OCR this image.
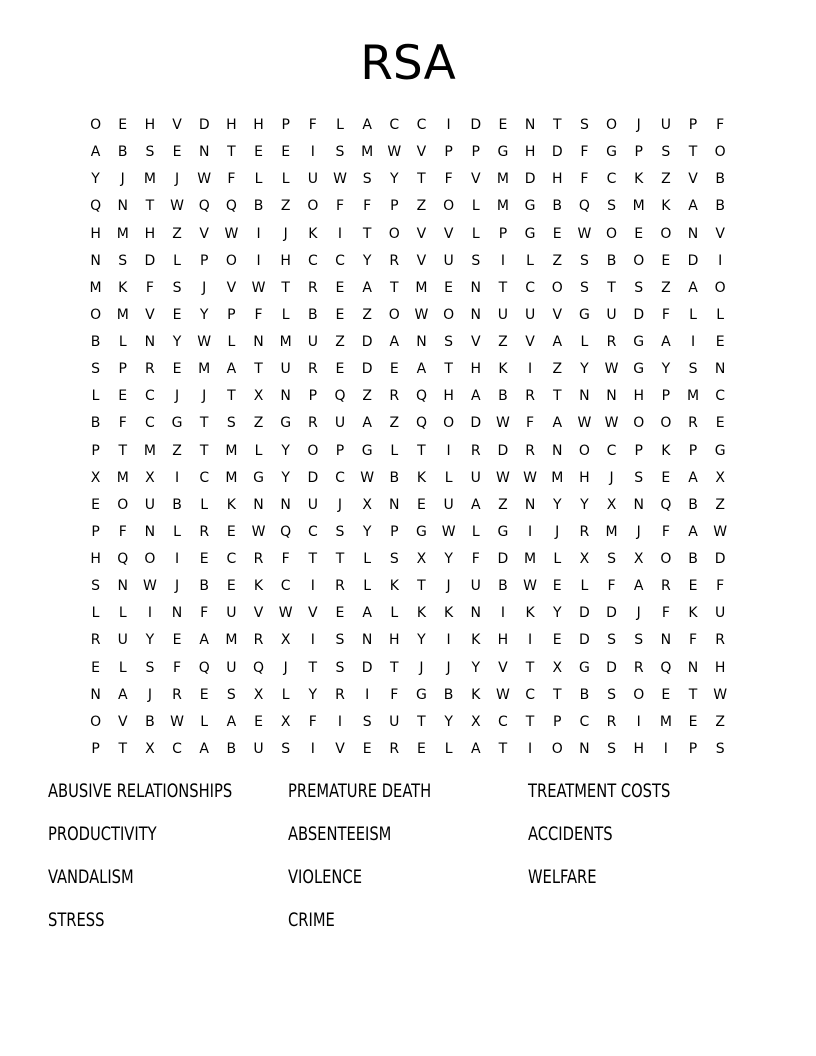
RSA
O	E	H	V	D	H	H	P	F	L	A	C	C	I	D	E	N	T	S	O	J	U	P	F
A	B	S	E	N	T	E	E	I	S	M	W	V	P	P	G	H	D	F	G	P	S	T	O
Y	J	M	J	W	F	L	L	U	W	S	Y	T	F	V	M	D	H	F	C	K	Z	V	B
Q	N	T	W	Q	Q	B	Z	O	F	F	P	Z	O	L	M	G	B	Q	S	M	K	A	B
H	M	H	Z	V	W	I	J	K	I	T	O	V	V	L	P	G	E	W	O	E	O	N	V
N	S	D	L	P	O	I	H	C	C	Y	R	V	U	S	I	L	Z	S	B	O	E	D	I
M	K	F	S	J	V	W	T	R	E	A	T	M	E	N	T	C	O	S	T	S	Z	A	O
O	M	V	E	Y	P	F	L	B	E	Z	O	W	O	N	U	U	V	G	U	D	F	L	L
B	L	N	Y	W	L	N	M	U	Z	D	A	N	S	V	Z	V	A	L	R	G	A	I	E
S	P	R	E	M	A	T	U	R	E	D	E	A	T	H	K	I	Z	Y	W	G	Y	S	N
L	E	C	J	J	T	X	N	P	Q	Z	R	Q	H	A	B	R	T	N	N	H	P	M	C
B	F	C	G	T	S	Z	G	R	U	A	Z	Q	O	D	W	F	A	W W	O	O	R	E
P	T	M	Z	T	M	L	Y	O	P	G	L	T	I	R	D	R	N	O	C	P	K	P	G
X	M	X	I	C	M	G	Y	D	C	W	B	K	L	U	W W	M	H	J	S	E	A	X
E	O	U	B	L	K	N	N	U	J	X	N	E	U	A	Z	N	Y	Y	X	N	Q	B	Z
P	F	N	L	R	E	W	Q	C	S	Y	P	G	W	L	G	I	J	R	M	J	F	A	W
H	Q	O	I	E	C	R	F	T	T	L	S	X	Y	F	D	M	L	X	S	X	O	B	D
S	N	W	J	B	E	K	C	I	R	L	K	T	J	U	B	W	E	L	F	A	R	E	F
L	L	I	N	F	U	V	W	V	E	A	L	K	K	N	I	K	Y	D	D	J	F	K	U
R	U	Y	E	A	M	R	X	I	S	N	H	Y	I	K	H	I	E	D	S	S	N	F	R
E	L	S	F	Q	U	Q	J	T	S	D	T	J	J	Y	V	T	X	G	D	R	Q	N	H
N	A	J	R	E	S	X	L	Y	R	I	F	G	B	K	W	C	T	B	S	O	E	T	W
O	V	B	W	L	A	E	X	F	I	S	U	T	Y	X	C	T	P	C	R	I	M	E	Z
P	T	X	C	A	B	U	S	I	V	E	R	E	L	A	T	I	O	N	S	H	I	P	S
ABUSIVE RELATIONSHIPS	PREMATURE DEATH	TREATMENT COSTS
PRODUCTIVITY	ABSENTEEISM	ACCIDENTS
VANDALISM	VIOLENCE	WELFARE
STRESS	CRIME
